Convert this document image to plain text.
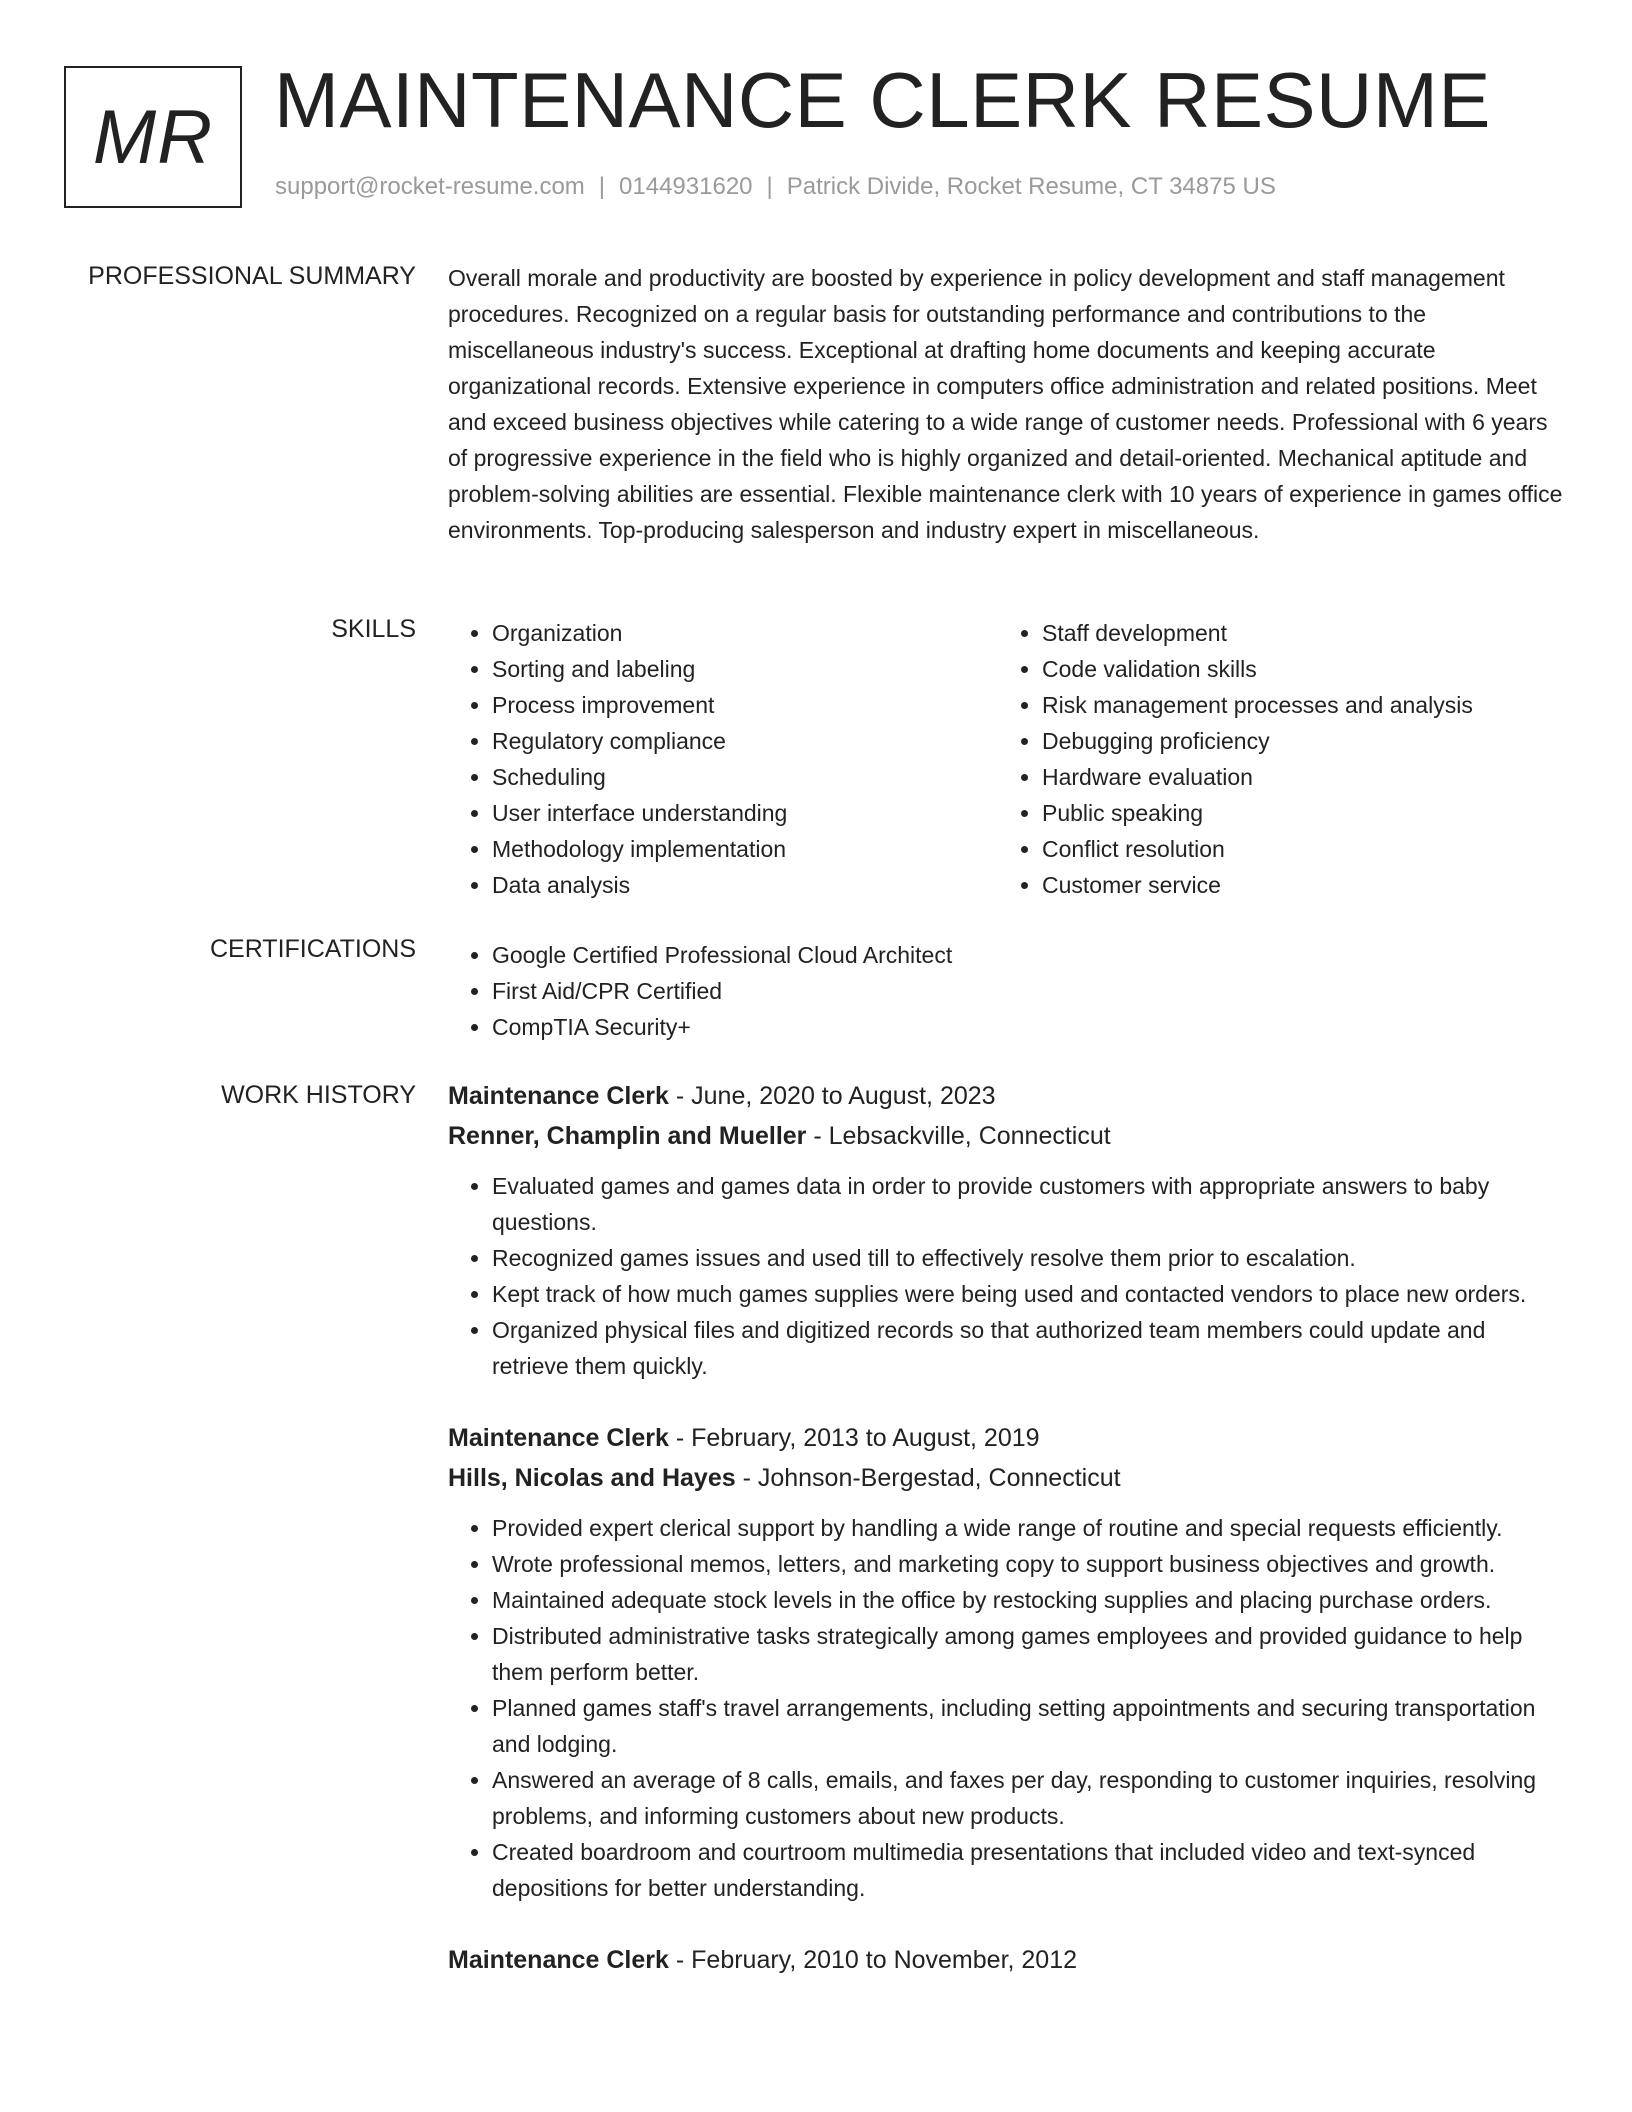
MR MAINTENANCE CLERK RESUME
support@rocket-resume.com | 0144931620 | Patrick Divide, Rocket Resume, CT 34875 US
PROFESSIONAL SUMMARY Overall morale and productivity are boosted by experience in policy development and staff management procedures. Recognized on a regular basis for outstanding performance and contributions to the miscellaneous industry's success. Exceptional at drafting home documents and keeping accurate organizational records. Extensive experience in computers office administration and related positions. Meet and exceed business objectives while catering to a wide range of customer needs. Professional with 6 years of progressive experience in the field who is highly organized and detail-oriented. Mechanical aptitude and problem-solving abilities are essential. Flexible maintenance clerk with 10 years of experience in games office environments. Top-producing salesperson and industry expert in miscellaneous.

SKILLS	• Organization
• Sorting and labeling
• Process improvement
• Regulatory compliance
• Scheduling
• User interface understanding
• Methodology implementation
• Data analysis
• Staff development
• Code validation skills
• Risk management processes and analysis
• Debugging proficiency
• Hardware evaluation
• Public speaking
• Conflict resolution
• Customer service
CERTIFICATIONS	• Google Certified Professional Cloud Architect
• First Aid/CPR Certified
• CompTIA Security+
WORK HISTORY Maintenance Clerk - June, 2020 to August, 2023
Renner, Champlin and Mueller - Lebsackville, Connecticut
• Evaluated games and games data in order to provide customers with appropriate answers to baby questions.
• Recognized games issues and used till to effectively resolve them prior to escalation.
• Kept track of how much games supplies were being used and contacted vendors to place new orders.
• Organized physical files and digitized records so that authorized team members could update and retrieve them quickly.
Maintenance Clerk - February, 2013 to August, 2019
Hills, Nicolas and Hayes - Johnson-Bergestad, Connecticut
• Provided expert clerical support by handling a wide range of routine and special requests efficiently.
• Wrote professional memos, letters, and marketing copy to support business objectives and growth.
• Maintained adequate stock levels in the office by restocking supplies and placing purchase orders.
• Distributed administrative tasks strategically among games employees and provided guidance to help them perform better.
• Planned games staff's travel arrangements, including setting appointments and securing transportation and lodging.
• Answered an average of 8 calls, emails, and faxes per day, responding to customer inquiries, resolving problems, and informing customers about new products.
• Created boardroom and courtroom multimedia presentations that included video and text-synced depositions for better understanding.
Maintenance Clerk - February, 2010 to November, 2012
